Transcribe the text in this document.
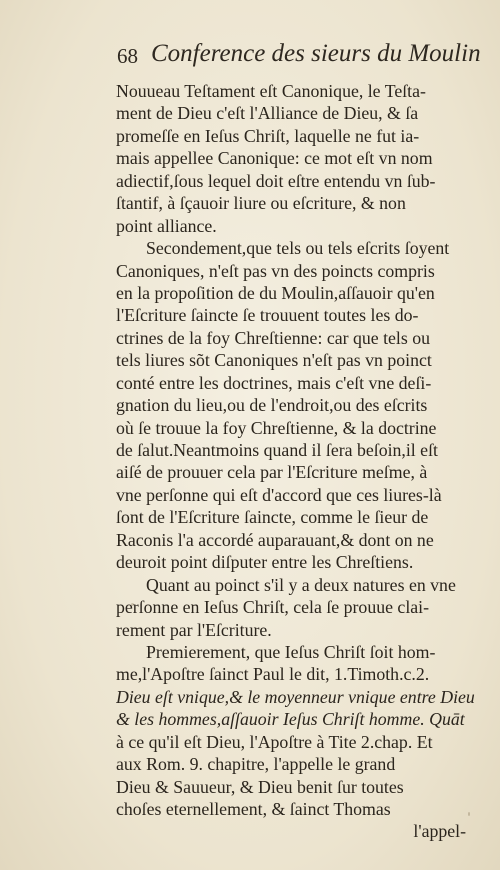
68 Conference des sieurs du Moulin
Nouueau Teſtament eſt Canonique, le Teſta-
ment de Dieu c'eſt l'Alliance de Dieu, & ſa
promeſſe en Ieſus Chriſt, laquelle ne fut ia-
mais appellee Canonique: ce mot eſt vn nom
adiectif,ſous lequel doit eſtre entendu vn ſub-
ſtantif, à ſçauoir liure ou eſcriture, & non
point alliance.
Secondement,que tels ou tels eſcrits ſoyent
Canoniques, n'eſt pas vn des poincts compris
en la propoſition de du Moulin,aſſauoir qu'en
l'Eſcriture ſaincte ſe trouuent toutes les do-
ctrines de la foy Chreſtienne: car que tels ou
tels liures sõt Canoniques n'eſt pas vn poinct
conté entre les doctrines, mais c'eſt vne deſi-
gnation du lieu,ou de l'endroit,ou des eſcrits
où ſe trouue la foy Chreſtienne, & la doctrine
de ſalut.Neantmoins quand il ſera beſoin,il eſt
aiſé de prouuer cela par l'Eſcriture meſme, à
vne perſonne qui eſt d'accord que ces liures-là
ſont de l'Eſcriture ſaincte, comme le ſieur de
Raconis l'a accordé auparauant,& dont on ne
deuroit point diſputer entre les Chreſtiens.
Quant au poinct s'il y a deux natures en vne
perſonne en Ieſus Chriſt, cela ſe prouue clai-
rement par l'Eſcriture.
Premierement, que Ieſus Chriſt ſoit hom-
me,l'Apoſtre ſainct Paul le dit, 1.Timoth.c.2.
Dieu eſt vnique,& le moyenneur vnique entre Dieu
& les hommes,aſſauoir Ieſus Chriſt homme. Quāt
à ce qu'il eſt Dieu, l'Apoſtre à Tite 2.chap. Et
aux Rom. 9. chapitre, l'appelle le grand
Dieu & Sauueur, & Dieu benit ſur toutes
choſes eternellement, & ſainct Thomas
l'appel-
